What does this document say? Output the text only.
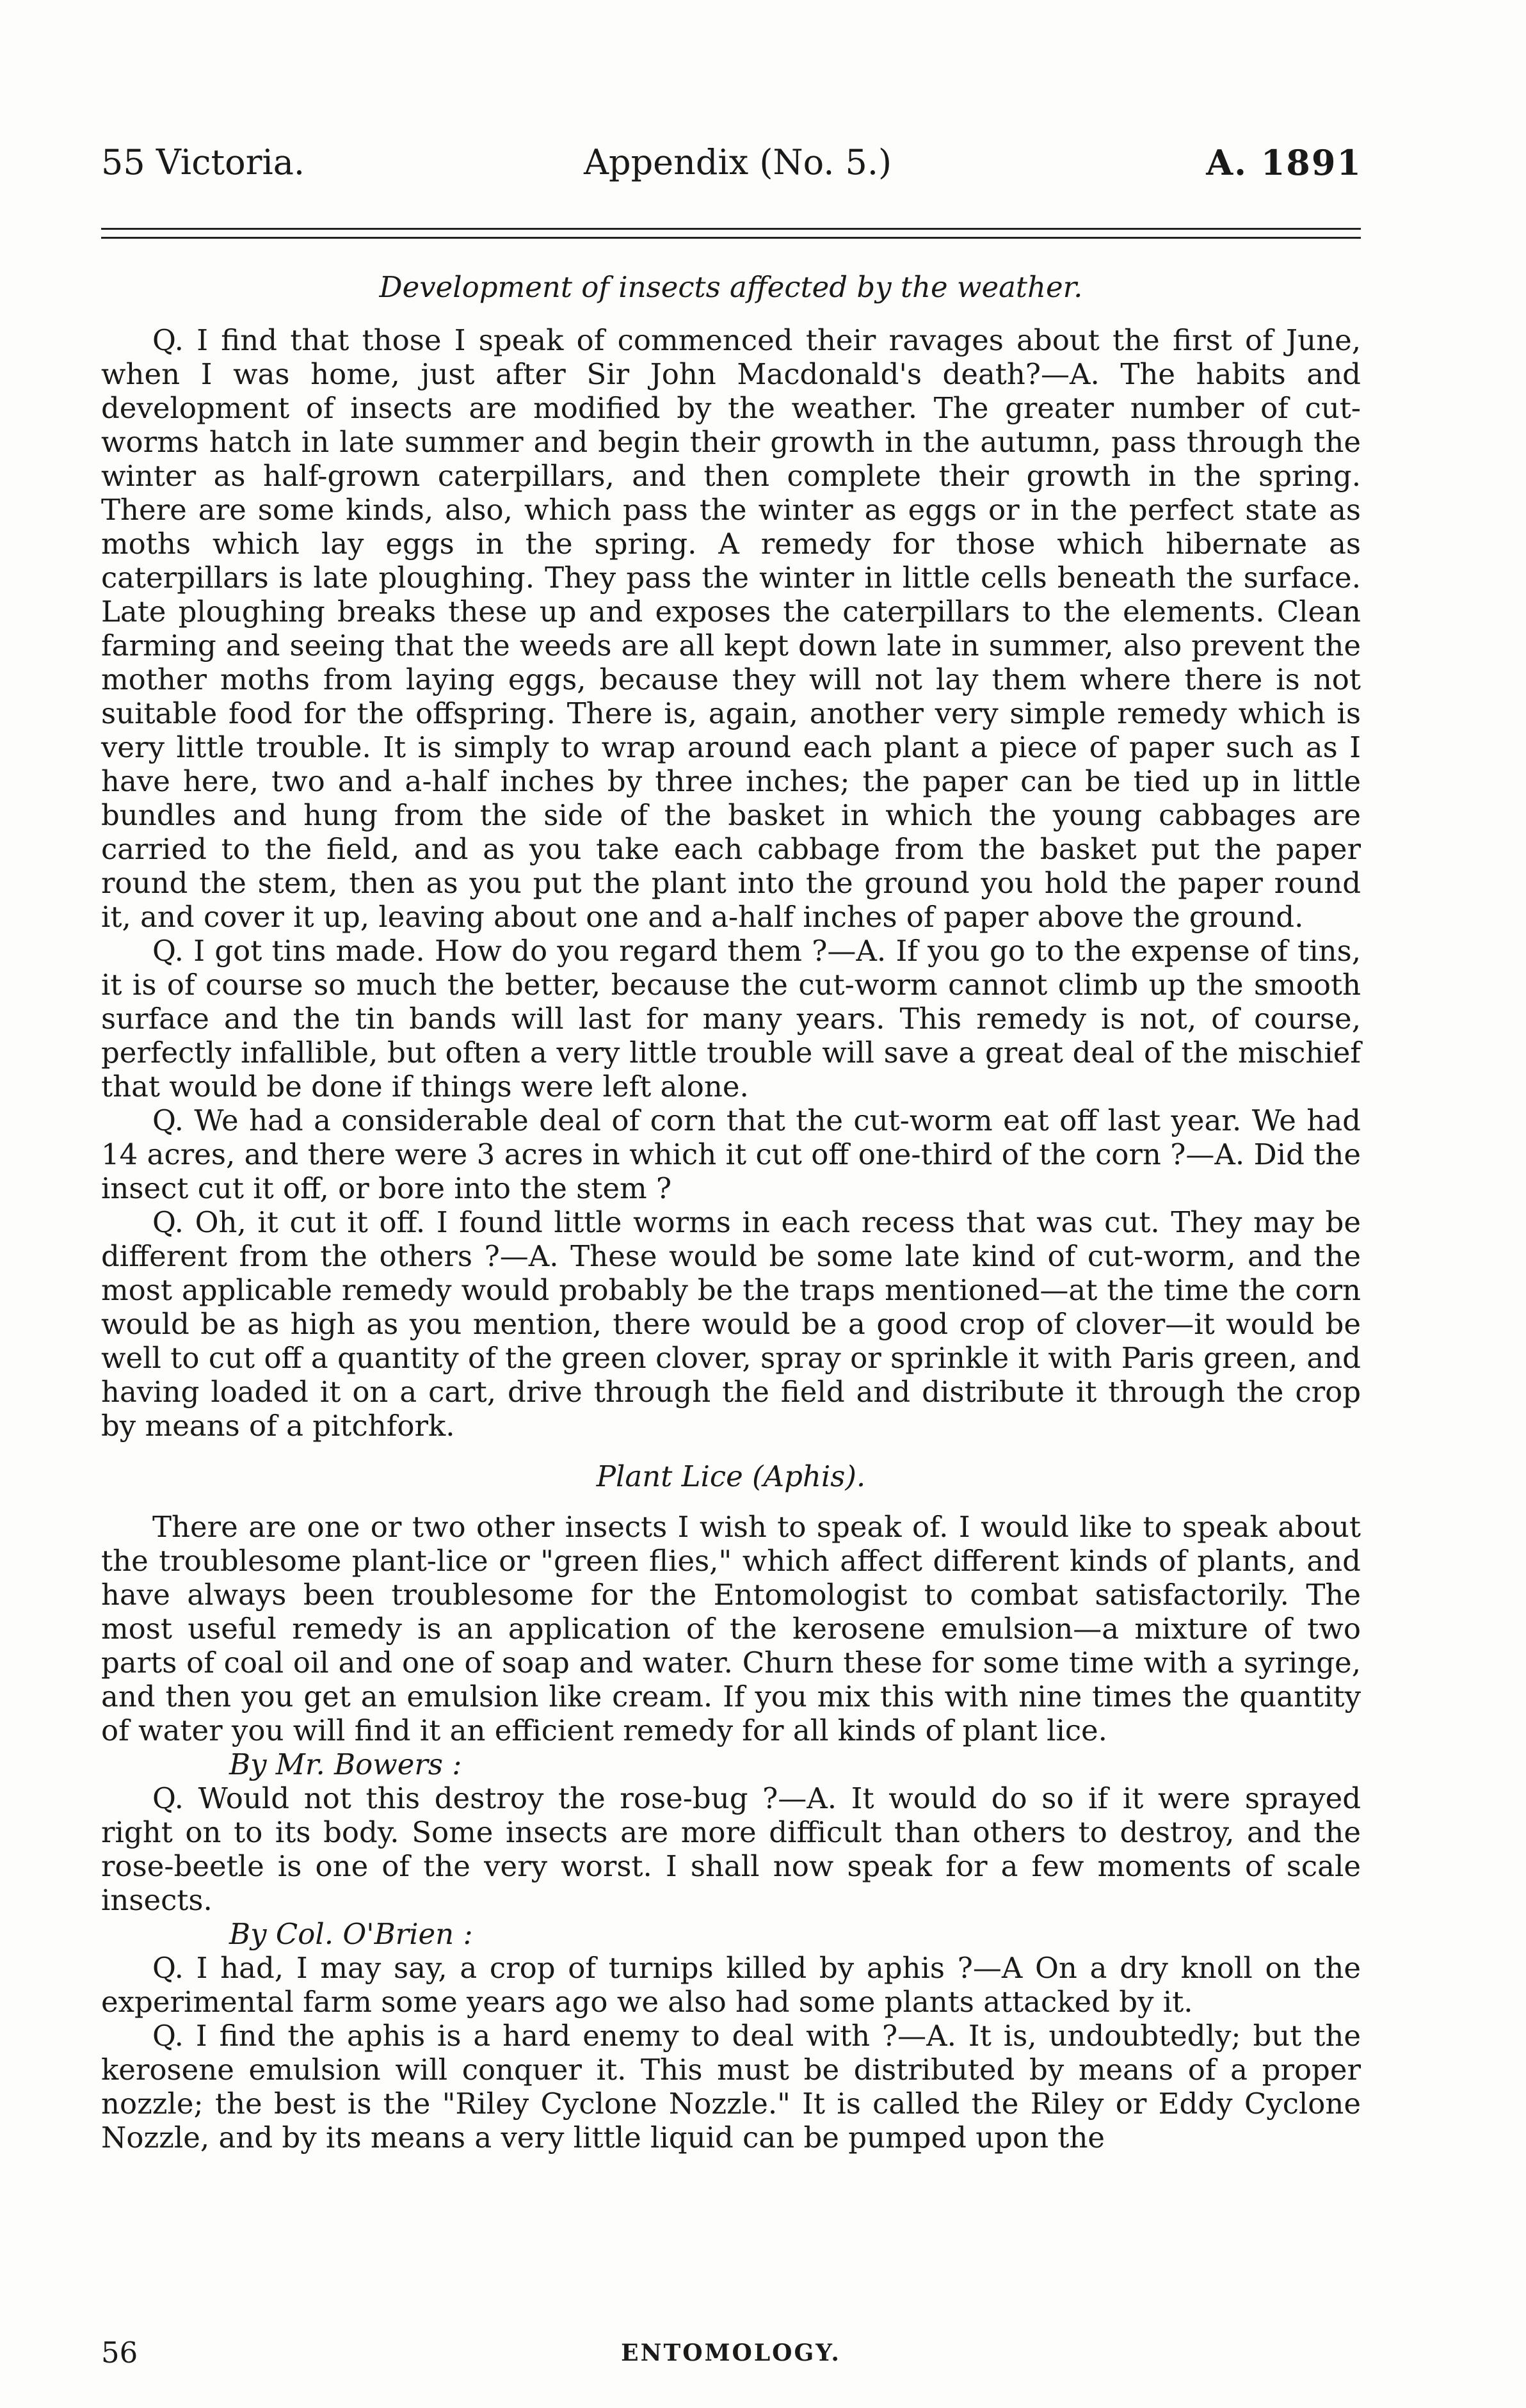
55 Victoria.	Appendix (No. 5.)	A. 1891

Development of insects affected by the weather.

Q. I find that those I speak of commenced their ravages about the first of June, when I was home, just after Sir John Macdonald's death?—A. The habits and development of insects are modified by the weather. The greater number of cut-worms hatch in late summer and begin their growth in the autumn, pass through the winter as half-grown caterpillars, and then complete their growth in the spring. There are some kinds, also, which pass the winter as eggs or in the perfect state as moths which lay eggs in the spring. A remedy for those which hibernate as caterpillars is late ploughing. They pass the winter in little cells beneath the surface. Late ploughing breaks these up and exposes the caterpillars to the elements. Clean farming and seeing that the weeds are all kept down late in summer, also prevent the mother moths from laying eggs, because they will not lay them where there is not suitable food for the offspring. There is, again, another very simple remedy which is very little trouble. It is simply to wrap around each plant a piece of paper such as I have here, two and a-half inches by three inches; the paper can be tied up in little bundles and hung from the side of the basket in which the young cabbages are carried to the field, and as you take each cabbage from the basket put the paper round the stem, then as you put the plant into the ground you hold the paper round it, and cover it up, leaving about one and a-half inches of paper above the ground.

Q. I got tins made. How do you regard them ?—A. If you go to the expense of tins, it is of course so much the better, because the cut-worm cannot climb up the smooth surface and the tin bands will last for many years. This remedy is not, of course, perfectly infallible, but often a very little trouble will save a great deal of the mischief that would be done if things were left alone.

Q. We had a considerable deal of corn that the cut-worm eat off last year. We had 14 acres, and there were 3 acres in which it cut off one-third of the corn ?—A. Did the insect cut it off, or bore into the stem ?

Q. Oh, it cut it off. I found little worms in each recess that was cut. They may be different from the others ?—A. These would be some late kind of cut-worm, and the most applicable remedy would probably be the traps mentioned—at the time the corn would be as high as you mention, there would be a good crop of clover—it would be well to cut off a quantity of the green clover, spray or sprinkle it with Paris green, and having loaded it on a cart, drive through the field and distribute it through the crop by means of a pitchfork.

Plant Lice (Aphis).

There are one or two other insects I wish to speak of. I would like to speak about the troublesome plant-lice or "green flies," which affect different kinds of plants, and have always been troublesome for the Entomologist to combat satisfactorily. The most useful remedy is an application of the kerosene emulsion—a mixture of two parts of coal oil and one of soap and water. Churn these for some time with a syringe, and then you get an emulsion like cream. If you mix this with nine times the quantity of water you will find it an efficient remedy for all kinds of plant lice.

By Mr. Bowers :

Q. Would not this destroy the rose-bug ?—A. It would do so if it were sprayed right on to its body. Some insects are more difficult than others to destroy, and the rose-beetle is one of the very worst. I shall now speak for a few moments of scale insects.

By Col. O'Brien :

Q. I had, I may say, a crop of turnips killed by aphis ?—A On a dry knoll on the experimental farm some years ago we also had some plants attacked by it.

Q. I find the aphis is a hard enemy to deal with ?—A. It is, undoubtedly; but the kerosene emulsion will conquer it. This must be distributed by means of a proper nozzle; the best is the "Riley Cyclone Nozzle." It is called the Riley or Eddy Cyclone Nozzle, and by its means a very little liquid can be pumped upon the

56	ENTOMOLOGY.
